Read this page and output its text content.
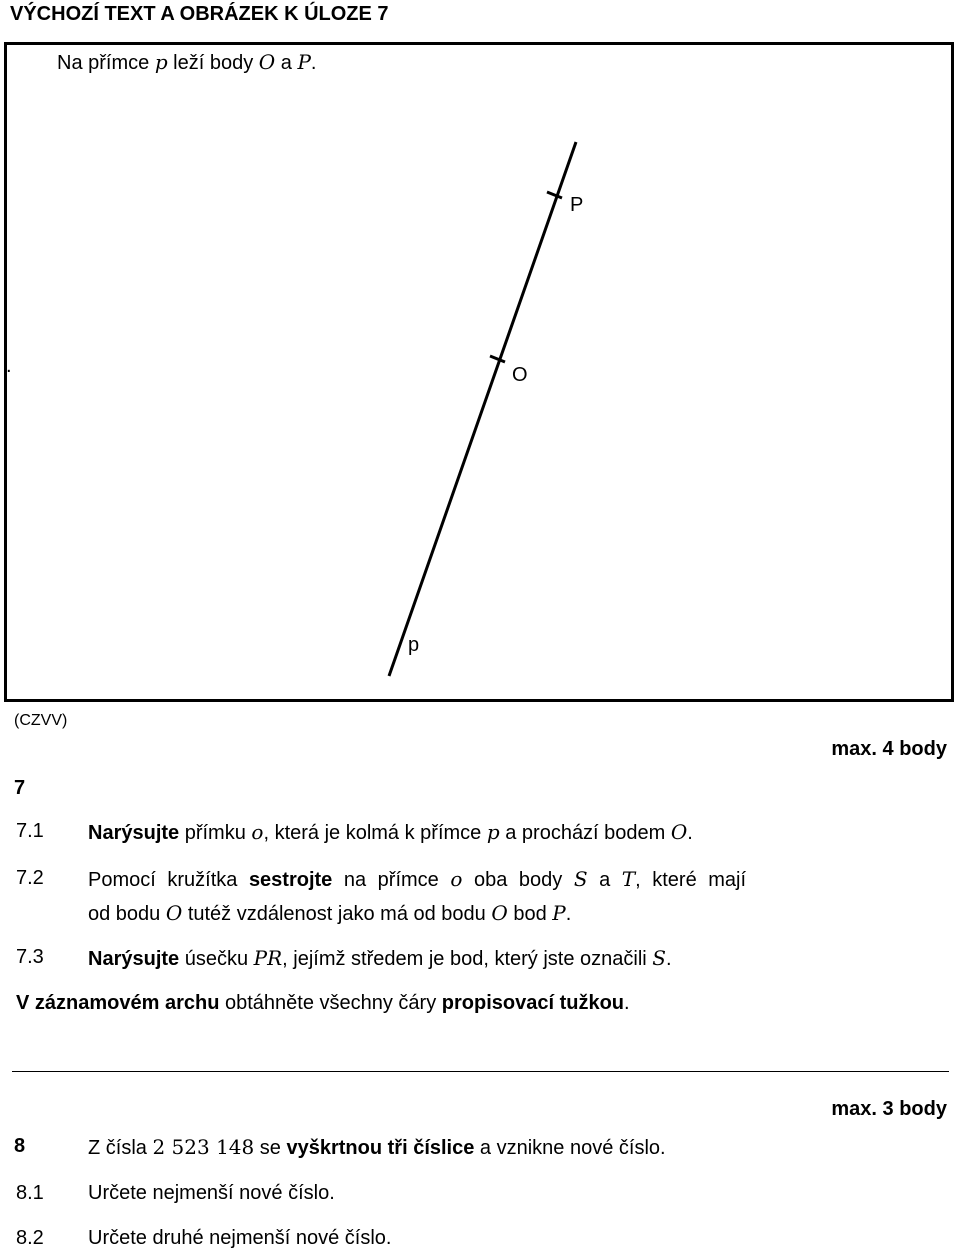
VÝCHOZÍ TEXT A OBRÁZEK K ÚLOZE 7
Na přímce p leží body O a P.
P
O
p
.
(CZVV)
max. 4 body
7
7.1 Narýsujte přímku o, která je kolmá k přímce p a prochází bodem O.
7.2 Pomocí kružítka sestrojte na přímce o oba body S a T, které mají
od bodu O tutéž vzdálenost jako má od bodu O bod P.
7.3 Narýsujte úsečku PR, jejímž středem je bod, který jste označili S.
V záznamovém archu obtáhněte všechny čáry propisovací tužkou.
max. 3 body
8	Z čísla 2 523 148 se vyškrtnou tři číslice a vznikne nové číslo.
8.1 Určete nejmenší nové číslo.
8.2 Určete druhé nejmenší nové číslo.
